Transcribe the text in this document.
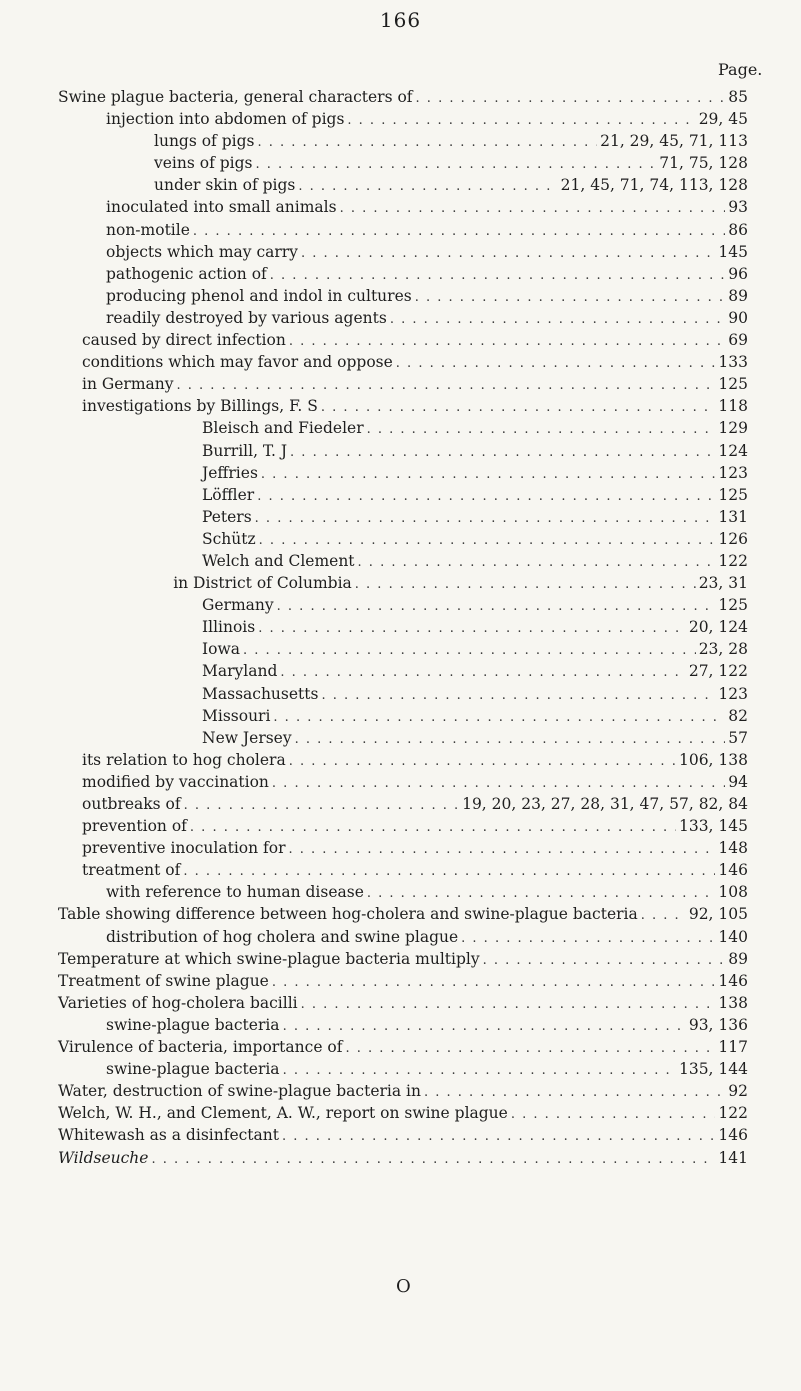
166
Page.
Swine plague bacteria, general characters of . . .	85
injection into abdomen of pigs . . .	29, 45
lungs of pigs . . .	21, 29, 45, 71, 113
veins of pigs . . .	71, 75, 128
under skin of pigs . . .	21, 45, 71, 74, 113, 128
inoculated into small animals . . .	93
non-motile . . .	86
objects which may carry . . .	145
pathogenic action of . . .	96
producing phenol and indol in cultures . . .	89
readily destroyed by various agents . . .	90
caused by direct infection . . .	69
conditions which may favor and oppose . . .	133
in Germany . . .	125
investigations by Billings, F. S . . .	118
Bleisch and Fiedeler . . .	129
Burrill, T. J . . .	124
Jeffries . . .	123
Löffler . . .	125
Peters . . .	131
Schütz . . .	126
Welch and Clement . . .	122
in District of Columbia . . .	23, 31
Germany . . .	125
Illinois . . .	20, 124
Iowa . . .	23, 28
Maryland . . .	27, 122
Massachusetts . . .	123
Missouri . . .	82
New Jersey . . .	57
its relation to hog cholera . . .	106, 138
modified by vaccination . . .	94
outbreaks of . . .	19, 20, 23, 27, 28, 31, 47, 57, 82, 84
prevention of . . .	133, 145
preventive inoculation for . . .	148
treatment of . . .	146
with reference to human disease . . .	108
Table showing difference between hog-cholera and swine-plague bacteria . . .	92, 105
distribution of hog cholera and swine plague . . .	140
Temperature at which swine-plague bacteria multiply . . .	89
Treatment of swine plague . . .	146
Varieties of hog-cholera bacilli . . .	138
swine-plague bacteria . . .	93, 136
Virulence of bacteria, importance of . . .	117
swine-plague bacteria . . .	135, 144
Water, destruction of swine-plague bacteria in . . .	92
Welch, W. H., and Clement, A. W., report on swine plague . . .	122
Whitewash as a disinfectant . . .	146
Wildseuche . . .	141
O
